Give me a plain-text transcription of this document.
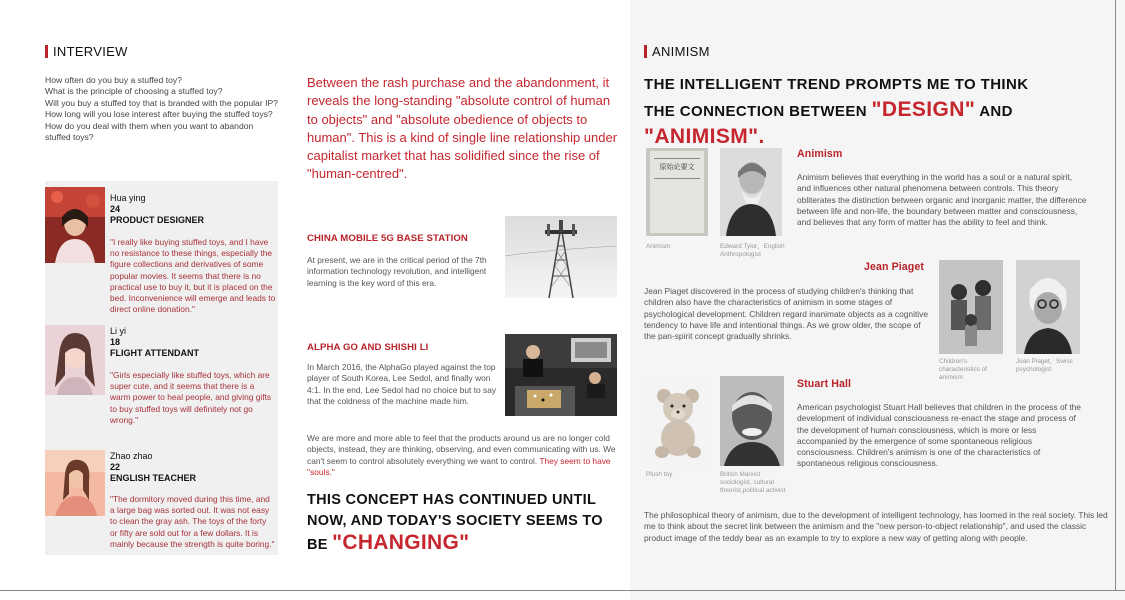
INTERVIEW
How often do you buy a stuffed toy?
What is the principle of choosing a stuffed toy?
Will you buy a stuffed toy that is branded with the popular IP?
How long will you lose interest after buying the stuffed toys?
How do you deal with them when you want to abandon stuffed toys?
Hua ying
24
PRODUCT DESIGNER
"I really like buying stuffed toys, and I have no resistance to these things, especially the figure collections and derivatives of some popular movies. It seems that there is no practical use to buy it, but it is placed on the bed. Inconvenience will emerge and leads to direct online donation."
Li yi
18
FLIGHT ATTENDANT
"Girls especially like stuffed toys, which are super cute, and it seems that there is a warm power to heal people, and giving gifts to buy stuffed toys will definitely not go wrong."
Zhao zhao
22
ENGLISH TEACHER
"The dormitory moved during this time, and a large bag was sorted out. It was not easy to clean the gray ash. The toys of the forty or fifty are sold out for a few dollars. It is mainly because the strength is quite boring."
Between the rash purchase and the abandonment, it reveals the long-standing "absolute control of human to objects" and "absolute obedience of objects to human". This is a kind of single line relationship under capitalist market that has solidified since the rise of "human-centred".
CHINA MOBILE 5G BASE STATION
At present, we are in the critical period of the 7th information technology revolution, and intelligent learning is the key word of this era.
ALPHA GO AND SHISHI LI
In March 2016, the AlphaGo played against the top player of South Korea, Lee Sedol, and finally won 4:1. In the end, Lee Sedol had no choice but to say that the coldness of the machine made him.
We are more and more able to feel that the products around us are no longer cold objects, instead, they are thinking, observing, and even communicating with us. We can't seem to control absolutely everything we want to control. They seem to have "souls."
THIS CONCEPT HAS CONTINUED UNTIL
NOW, AND TODAY'S SOCIETY SEEMS TO
BE "CHANGING"
ANIMISM
THE INTELLIGENT TREND PROMPTS ME TO THINK
THE CONNECTION BETWEEN "DESIGN" AND
"ANIMISM".
原始论要文
Animism	Edward Tylor，English Anthropologist
Animism
Animism believes that everything in the world has a soul or a natural spirit, and influences other natural phenomena between controls. This theory obliterates the distinction between organic and inorganic matter, the difference between life and non-life, the boundary between matter and consciousness, and believes that any form of matter has the ability to feel and think.
Jean Piaget
Jean Piaget discovered in the process of studying children's thinking that children also have the characteristics of animism in some stages of psychological development. Children regard inanimate objects as a cognitive tendency to have life and intentional things. As we grow older, the scope of the pan-spirit concept gradually shrinks.
Children's characteristics of animism
Jean Piaget，Swiss psychologist
Plush toy	British Marxist sociologist, cultural theorist,political activist
Stuart Hall
American psychologist Stuart Hall believes that children in the process of the development of individual consciousness re-enact the stage and process of the development of human consciousness, which is more or less accompanied by the emergence of some spontaneous religious consciousness. Children's animism is one of the characteristics of spontaneous religious consciousness.
The philosophical theory of animism, due to the development of intelligent technology, has loomed in the real society. This led me to think about the secret link between the animism and the "new person-to-object relationship", and used the classic product image of the teddy bear as an example to try to explore a new way of getting along with people.
